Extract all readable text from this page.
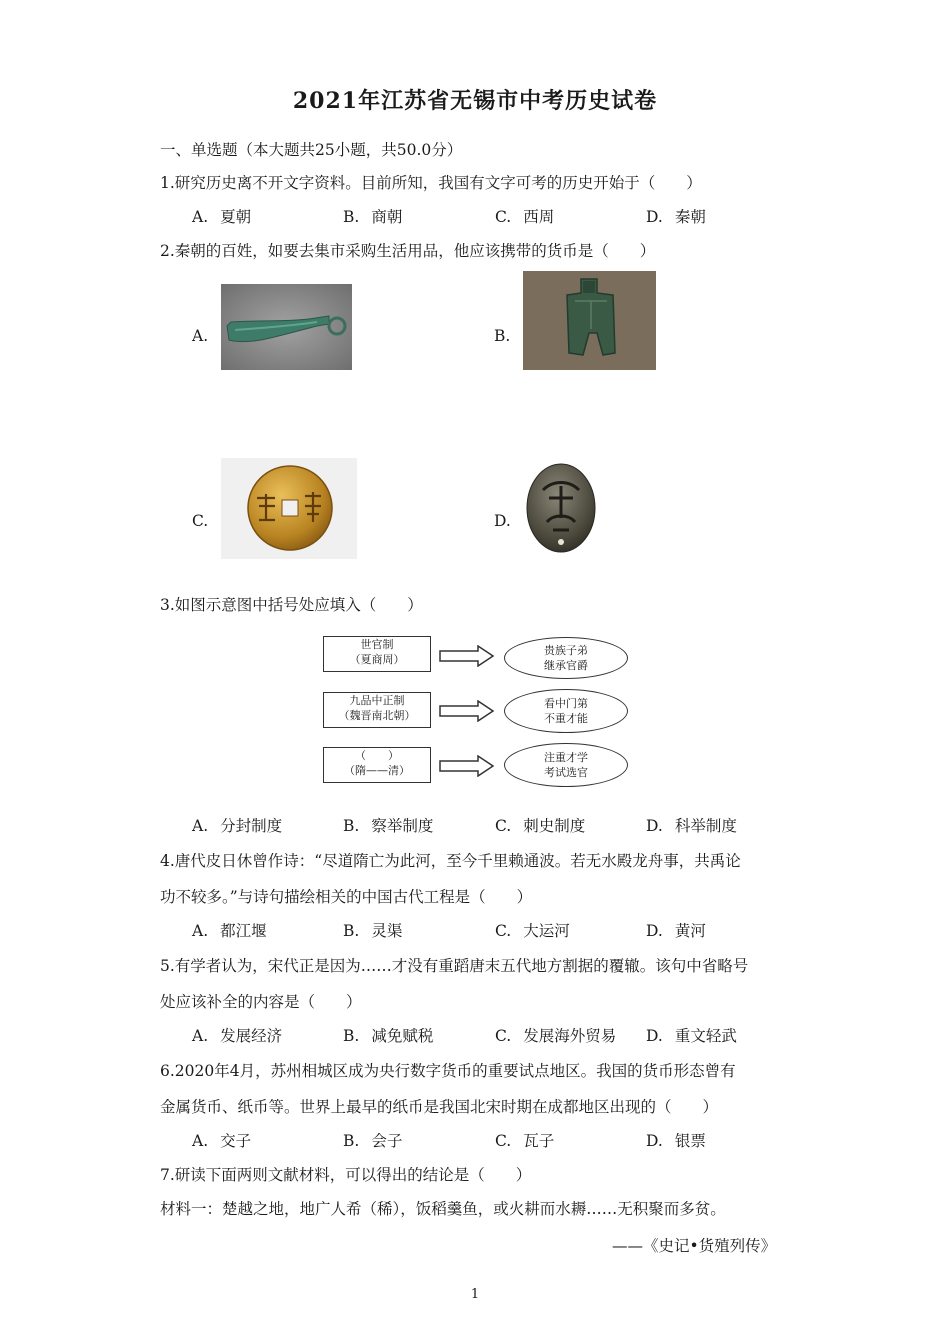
2021年江苏省无锡市中考历史试卷
一、单选题（本大题共25小题，共50.0分）
1.研究历史离不开文字资料。目前所知，我国有文字可考的历史开始于（　　）
A. 夏朝	B. 商朝	C. 西周	D. 秦朝
2.秦朝的百姓，如要去集市采购生活用品，他应该携带的货币是（　　）
A.	B.
C.	D.
3.如图示意图中括号处应填入（　　）
世官制
（夏商周）
贵族子弟
继承官爵
九品中正制
（魏晋南北朝）
看中门第
不重才能
（　　）
（隋——清）
注重才学
考试选官
A. 分封制度	B. 察举制度	C. 刺史制度	D. 科举制度
4.唐代皮日休曾作诗：“尽道隋亡为此河，至今千里赖通波。若无水殿龙舟事，共禹论
功不较多。”与诗句描绘相关的中国古代工程是（　　）
A. 都江堰	B. 灵渠	C. 大运河	D. 黄河
5.有学者认为，宋代正是因为……才没有重蹈唐末五代地方割据的覆辙。该句中省略号
处应该补全的内容是（　　）
A. 发展经济	B. 减免赋税	C. 发展海外贸易 D. 重文轻武
6.2020年4月，苏州相城区成为央行数字货币的重要试点地区。我国的货币形态曾有
金属货币、纸币等。世界上最早的纸币是我国北宋时期在成都地区出现的（　　）
A. 交子	B. 会子	C. 瓦子	D. 银票
7.研读下面两则文献材料，可以得出的结论是（　　）
材料一：楚越之地，地广人希（稀），饭稻羹鱼，或火耕而水耨……无积聚而多贫。
——《史记•货殖列传》
1
